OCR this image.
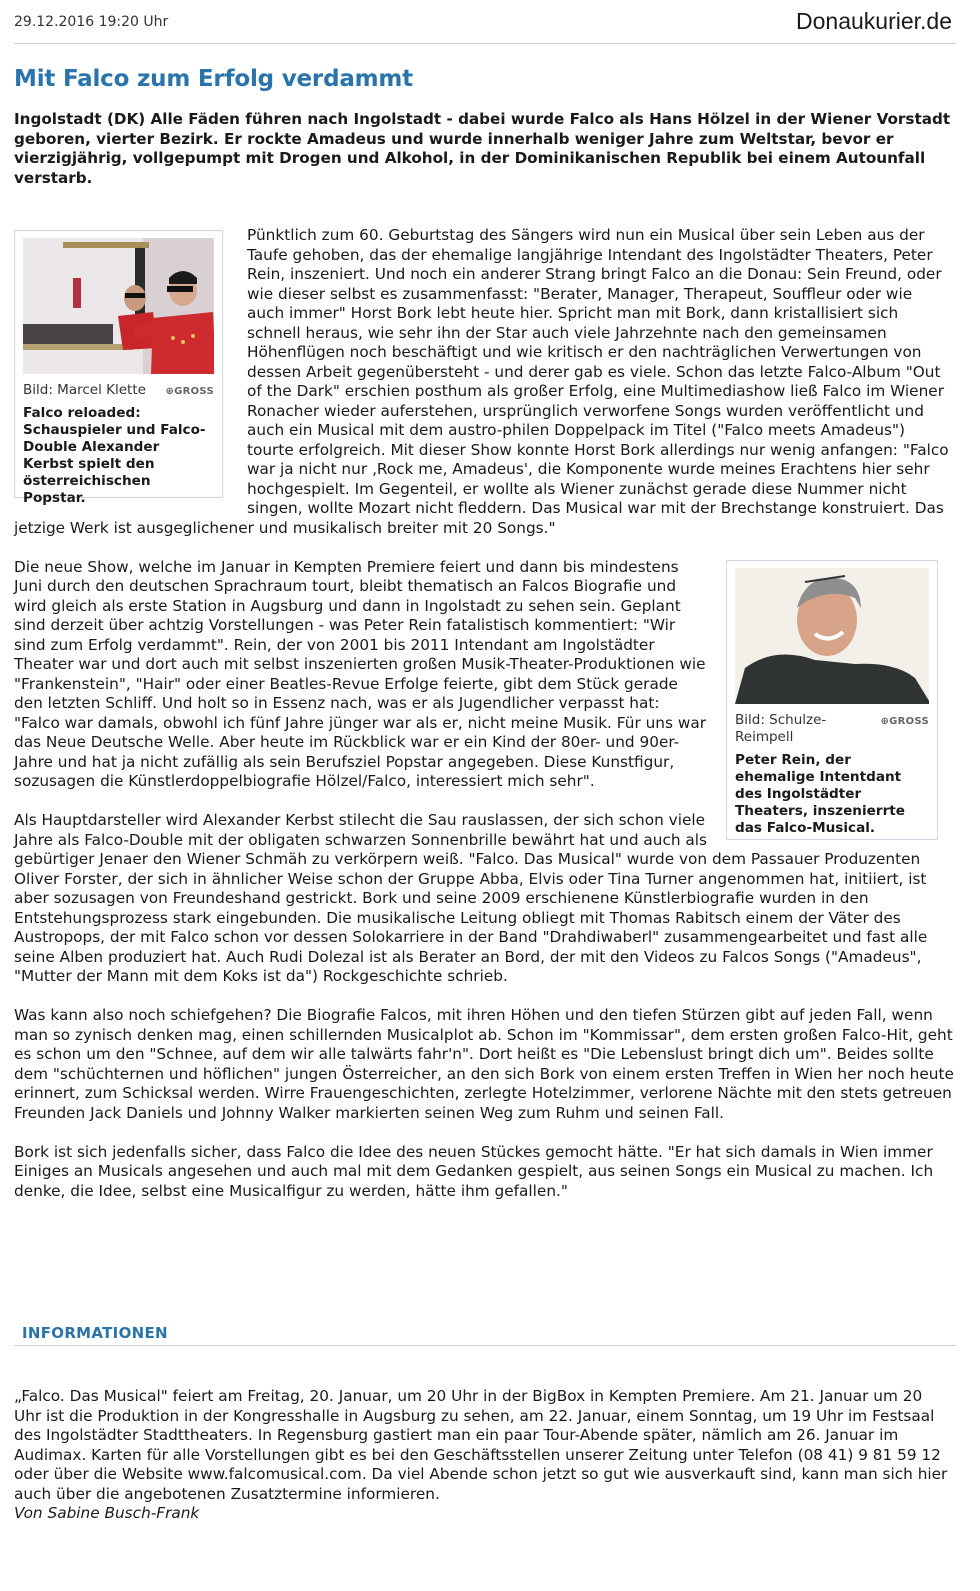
29.12.2016 19:20 Uhr	Donaukurier.de
Mit Falco zum Erfolg verdammt

Ingolstadt (DK) Alle Fäden führen nach Ingolstadt - dabei wurde Falco als Hans Hölzel in der Wiener Vorstadt geboren, vierter Bezirk. Er rockte Amadeus und wurde innerhalb weniger Jahre zum Weltstar, bevor er vierzigjährig, vollgepumpt mit Drogen und Alkohol, in der Dominikanischen Republik bei einem Autounfall verstarb.

Bild: Marcel Klette ⊕GROSS
Falco reloaded: Schauspieler und Falco-Double Alexander Kerbst spielt den österreichischen Popstar.

Pünktlich zum 60. Geburtstag des Sängers wird nun ein Musical über sein Leben aus der Taufe gehoben, das der ehemalige langjährige Intendant des Ingolstädter Theaters, Peter Rein, inszeniert. Und noch ein anderer Strang bringt Falco an die Donau: Sein Freund, oder wie dieser selbst es zusammenfasst: "Berater, Manager, Therapeut, Souffleur oder wie auch immer" Horst Bork lebt heute hier. Spricht man mit Bork, dann kristallisiert sich schnell heraus, wie sehr ihn der Star auch viele Jahrzehnte nach den gemeinsamen Höhenflügen noch beschäftigt und wie kritisch er den nachträglichen Verwertungen von dessen Arbeit gegenübersteht - und derer gab es viele. Schon das letzte Falco-Album "Out of the Dark" erschien posthum als großer Erfolg, eine Multimediashow ließ Falco im Wiener Ronacher wieder auferstehen, ursprünglich verworfene Songs wurden veröffentlicht und auch ein Musical mit dem austro-philen Doppelpack im Titel ("Falco meets Amadeus") tourte erfolgreich. Mit dieser Show konnte Horst Bork allerdings nur wenig anfangen: "Falco war ja nicht nur ‚Rock me, Amadeus', die Komponente wurde meines Erachtens hier sehr hochgespielt. Im Gegenteil, er wollte als Wiener zunächst gerade diese Nummer nicht singen, wollte Mozart nicht fleddern. Das Musical war mit der Brechstange konstruiert. Das jetzige Werk ist ausgeglichener und musikalisch breiter mit 20 Songs."

Bild: Schulze-Reimpell
⊕GROSS
Peter Rein, der ehemalige Intentdant des Ingolstädter Theaters, inszenierrte das Falco-Musical.

Die neue Show, welche im Januar in Kempten Premiere feiert und dann bis mindestens Juni durch den deutschen Sprachraum tourt, bleibt thematisch an Falcos Biografie und wird gleich als erste Station in Augsburg und dann in Ingolstadt zu sehen sein. Geplant sind derzeit über achtzig Vorstellungen - was Peter Rein fatalistisch kommentiert: "Wir sind zum Erfolg verdammt". Rein, der von 2001 bis 2011 Intendant am Ingolstädter Theater war und dort auch mit selbst inszenierten großen Musik-Theater-Produktionen wie "Frankenstein", "Hair" oder einer Beatles-Revue Erfolge feierte, gibt dem Stück gerade den letzten Schliff. Und holt so in Essenz nach, was er als Jugendlicher verpasst hat: "Falco war damals, obwohl ich fünf Jahre jünger war als er, nicht meine Musik. Für uns war das Neue Deutsche Welle. Aber heute im Rückblick war er ein Kind der 80er- und 90er-Jahre und hat ja nicht zufällig als sein Berufsziel Popstar angegeben. Diese Kunstfigur, sozusagen die Künstlerdoppelbiografie Hölzel/Falco, interessiert mich sehr".

Als Hauptdarsteller wird Alexander Kerbst stilecht die Sau rauslassen, der sich schon viele Jahre als Falco-Double mit der obligaten schwarzen Sonnenbrille bewährt hat und auch als gebürtiger Jenaer den Wiener Schmäh zu verkörpern weiß. "Falco. Das Musical" wurde von dem Passauer Produzenten Oliver Forster, der sich in ähnlicher Weise schon der Gruppe Abba, Elvis oder Tina Turner angenommen hat, initiiert, ist aber sozusagen von Freundeshand gestrickt. Bork und seine 2009 erschienene Künstlerbiografie wurden in den Entstehungsprozess stark eingebunden. Die musikalische Leitung obliegt mit Thomas Rabitsch einem der Väter des Austropops, der mit Falco schon vor dessen Solokarriere in der Band "Drahdiwaberl" zusammengearbeitet und fast alle seine Alben produziert hat. Auch Rudi Dolezal ist als Berater an Bord, der mit den Videos zu Falcos Songs ("Amadeus", "Mutter der Mann mit dem Koks ist da") Rockgeschichte schrieb.

Was kann also noch schiefgehen? Die Biografie Falcos, mit ihren Höhen und den tiefen Stürzen gibt auf jeden Fall, wenn man so zynisch denken mag, einen schillernden Musicalplot ab. Schon im "Kommissar", dem ersten großen Falco-Hit, geht es schon um den "Schnee, auf dem wir alle talwärts fahr'n". Dort heißt es "Die Lebenslust bringt dich um". Beides sollte dem "schüchternen und höflichen" jungen Österreicher, an den sich Bork von einem ersten Treffen in Wien her noch heute erinnert, zum Schicksal werden. Wirre Frauengeschichten, zerlegte Hotelzimmer, verlorene Nächte mit den stets getreuen Freunden Jack Daniels und Johnny Walker markierten seinen Weg zum Ruhm und seinen Fall.

Bork ist sich jedenfalls sicher, dass Falco die Idee des neuen Stückes gemocht hätte. "Er hat sich damals in Wien immer Einiges an Musicals angesehen und auch mal mit dem Gedanken gespielt, aus seinen Songs ein Musical zu machen. Ich denke, die Idee, selbst eine Musicalfigur zu werden, hätte ihm gefallen."

INFORMATIONEN

„Falco. Das Musical" feiert am Freitag, 20. Januar, um 20 Uhr in der BigBox in Kempten Premiere. Am 21. Januar um 20 Uhr ist die Produktion in der Kongresshalle in Augsburg zu sehen, am 22. Januar, einem Sonntag, um 19 Uhr im Festsaal des Ingolstädter Stadttheaters. In Regensburg gastiert man ein paar Tour-Abende später, nämlich am 26. Januar im Audimax. Karten für alle Vorstellungen gibt es bei den Geschäftsstellen unserer Zeitung unter Telefon (08 41) 9 81 59 12 oder über die Website www.falcomusical.com. Da viel Abende schon jetzt so gut wie ausverkauft sind, kann man sich hier auch über die angebotenen Zusatztermine informieren.

Von Sabine Busch-Frank
